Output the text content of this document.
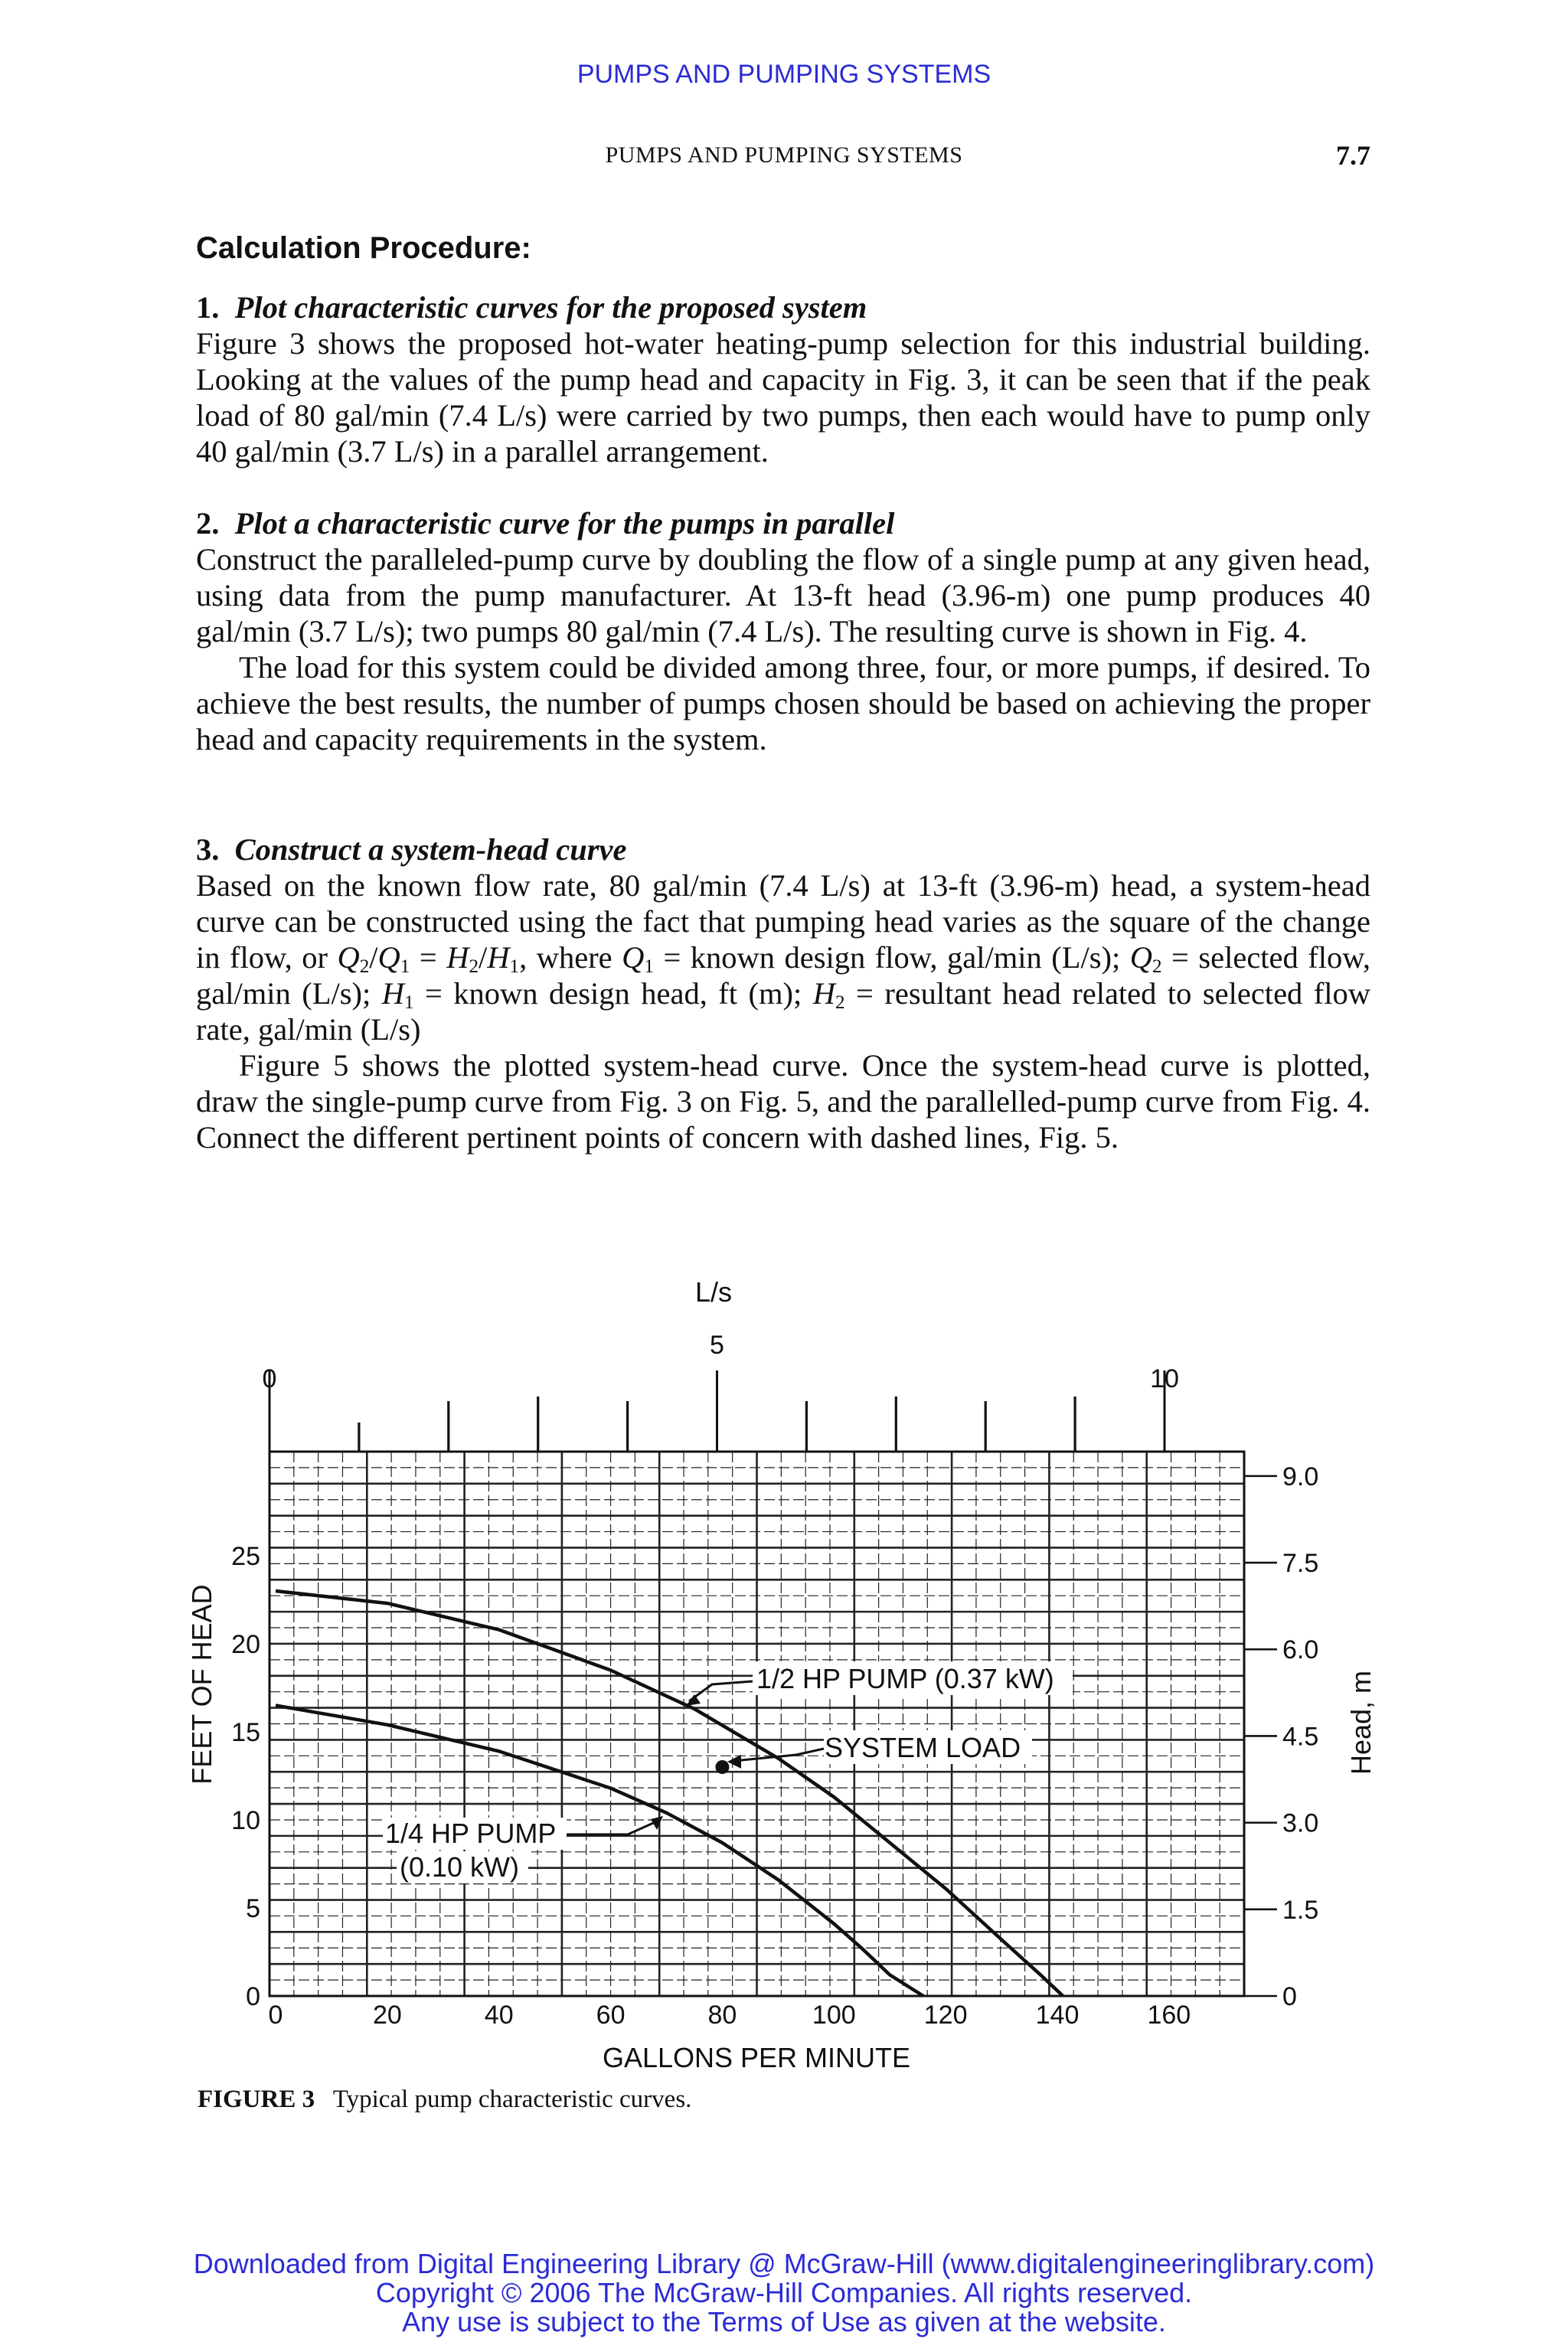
PUMPS AND PUMPING SYSTEMS
PUMPS AND PUMPING SYSTEMS	7.7
Calculation Procedure:

1. Plot characteristic curves for the proposed system

Figure 3 shows the proposed hot-water heating-pump selection for this industrial building. Looking at the values of the pump head and capacity in Fig. 3, it can be seen that if the peak load of 80 gal/min (7.4 L/s) were carried by two pumps, then each would have to pump only 40 gal/min (3.7 L/s) in a parallel arrangement.

2. Plot a characteristic curve for the pumps in parallel

Construct the paralleled-pump curve by doubling the flow of a single pump at any given head, using data from the pump manufacturer. At 13-ft head (3.96-m) one pump produces 40 gal/min (3.7 L/s); two pumps 80 gal/min (7.4 L/s). The resulting curve is shown in Fig. 4.

The load for this system could be divided among three, four, or more pumps, if desired. To achieve the best results, the number of pumps chosen should be based on achieving the proper head and capacity requirements in the system.

3. Construct a system-head curve

Based on the known flow rate, 80 gal/min (7.4 L/s) at 13-ft (3.96-m) head, a system-head curve can be constructed using the fact that pumping head varies as the square of the change in flow, or $Q_2/Q_1 = H_2/H_1$, where $Q_1$ = known design flow, gal/min (L/s); $Q_2$ = selected flow, gal/min (L/s); $H_1$ = known design head, ft (m); $H_2$ = resultant head related to selected flow rate, gal/min (L/s)

Figure 5 shows the plotted system-head curve. Once the system-head curve is plotted, draw the single-pump curve from Fig. 3 on Fig. 5, and the parallelled-pump curve from Fig. 4. Connect the different pertinent points of concern with dashed lines, Fig. 5.

0	20	40	60	80	100	120	140	160
GALLONS PER MINUTE
0
5
10
15
20
25
FEET OF HEAD
0
1.5
3.0
4.5
6.0
7.5
9.0
Head, m
0
5
10
L/s
1/2 HP PUMP (0.37 kW)
SYSTEM LOAD
1/4 HP PUMP
(0.10 kW)
FIGURE 3 Typical pump characteristic curves.
Downloaded from Digital Engineering Library @ McGraw-Hill (www.digitalengineeringlibrary.com)
Copyright © 2006 The McGraw-Hill Companies. All rights reserved.
Any use is subject to the Terms of Use as given at the website.
